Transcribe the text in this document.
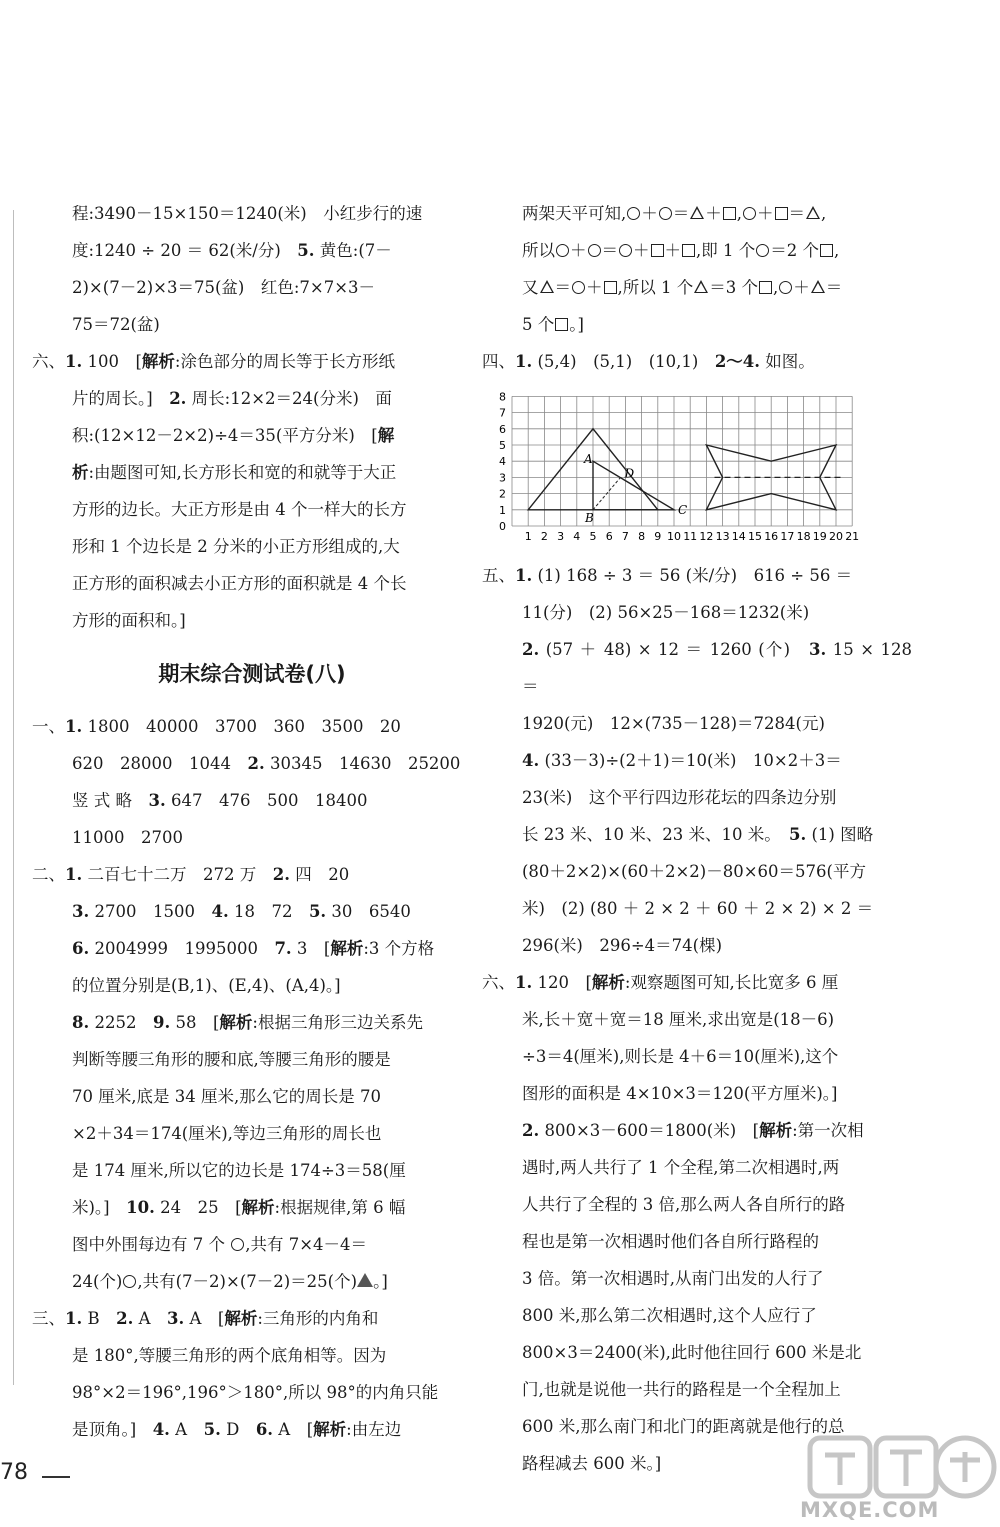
程:3490－15×150＝1240(米)　小红步行的速

度:1240 ÷ 20 ＝ 62(米/分)　5. 黄色:(7－

2)×(7－2)×3＝75(盆)　红色:7×7×3－

75＝72(盆)

六、1. 100　[解析:涂色部分的周长等于长方形纸

片的周长。]　2. 周长:12×2＝24(分米)　面

积:(12×12－2×2)÷4＝35(平方分米)　[解

析:由题图可知,长方形长和宽的和就等于大正

方形的边长。大正方形是由 4 个一样大的长方

形和 1 个边长是 2 分米的小正方形组成的,大

正方形的面积减去小正方形的面积就是 4 个长

方形的面积和。]

期末综合测试卷(八)

一、1. 1800　40000　3700　360　3500　20

620　28000　1044　2. 30345　14630　25200

竖 式 略　3. 647　476　500　18400

11000　2700

二、1. 二百七十二万　272 万　2. 四　20

3. 2700　1500　4. 18　72　5. 30　6540

6. 2004999　1995000　7. 3　[解析:3 个方格

的位置分别是(B,1)、(E,4)、(A,4)。]

8. 2252　9. 58　[解析:根据三角形三边关系先

判断等腰三角形的腰和底,等腰三角形的腰是

70 厘米,底是 34 厘米,那么它的周长是 70

×2＋34＝174(厘米),等边三角形的周长也

是 174 厘米,所以它的边长是 174÷3＝58(厘

米)。]　10. 24　25　[解析:根据规律,第 6 幅

图中外围每边有 7 个 ,共有 7×4－4＝

24(个) ,共有(7－2)×(7－2)＝25(个) 。]

三、1. B　2. A　3. A　[解析:三角形的内角和

是 180°,等腰三角形的两个底角相等。因为

98°×2＝196°,196°＞180°,所以 98°的内角只能

是顶角。]　4. A　5. D　6. A　[解析:由左边

两架天平可知, ＋ ＝ ＋ , ＋ ＝ ,

所以 ＋ ＝ ＋ ＋ ,即 1 个 ＝2 个 ,

又 ＝ ＋ ,所以 1 个 ＝3 个 , ＋ ＝

5 个 。]

四、1. (5,4)　(5,1)　(10,1)　2～4. 如图。

1 2 3 4 5 6 7 8 9 10 11 12 13 14 15 16 17 18 19 20 21
0
1
2
3
4
5
6
7
8
A
B
C
D

五、1. (1) 168 ÷ 3 ＝ 56 (米/分)　616 ÷ 56 ＝

11(分)　(2) 56×25－168＝1232(米)

2. (57 ＋ 48) × 12 ＝ 1260 (个)　3. 15 × 128 ＝

1920(元)　12×(735－128)＝7284(元)

4. (33－3)÷(2＋1)＝10(米)　10×2＋3＝

23(米)　这个平行四边形花坛的四条边分别

长 23 米、10 米、23 米、10 米。　5. (1) 图略

(80＋2×2)×(60＋2×2)－80×60＝576(平方

米)　(2) (80 ＋ 2 × 2 ＋ 60 ＋ 2 × 2) × 2 ＝

296(米)　296÷4＝74(棵)

六、1. 120　[解析:观察题图可知,长比宽多 6 厘

米,长＋宽＋宽＝18 厘米,求出宽是(18－6)

÷3＝4(厘米),则长是 4＋6＝10(厘米),这个

图形的面积是 4×10×3＝120(平方厘米)。]

2. 800×3－600＝1800(米)　[解析:第一次相

遇时,两人共行了 1 个全程,第二次相遇时,两

人共行了全程的 3 倍,那么两人各自所行的路

程也是第一次相遇时他们各自所行路程的

3 倍。第一次相遇时,从南门出发的人行了

800 米,那么第二次相遇时,这个人应行了

800×3＝2400(米),此时他往回行 600 米是北

门,也就是说他一共行的路程是一个全程加上

600 米,那么南门和北门的距离就是他行的总

路程减去 600 米。]

78
MXQE.COM
